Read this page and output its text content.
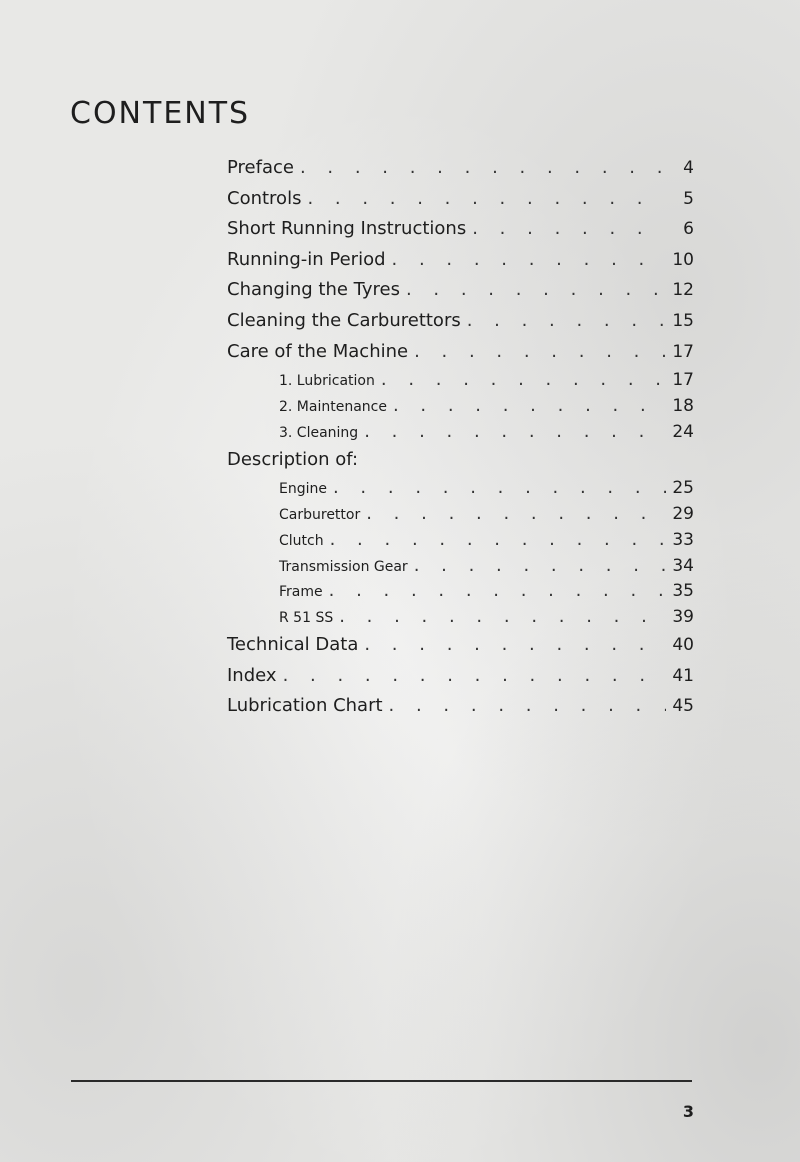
CONTENTS
Preface . . .	4
Controls . . .	5
Short Running Instructions . . .	6
Running-in Period . . .	10
Changing the Tyres . . .	12
Cleaning the Carburettors . . .	15
Care of the Machine . . .	17
1. Lubrication . . .	17
2. Maintenance . . .	18
3. Cleaning . . .	24
Description of:
Engine . . .	25
Carburettor . . .	29
Clutch . . .	33
Transmission Gear . . .	34
Frame . . .	35
R 51 SS . . .	39
Technical Data . . .	40
Index . . .	41
Lubrication Chart . . .	45
3
